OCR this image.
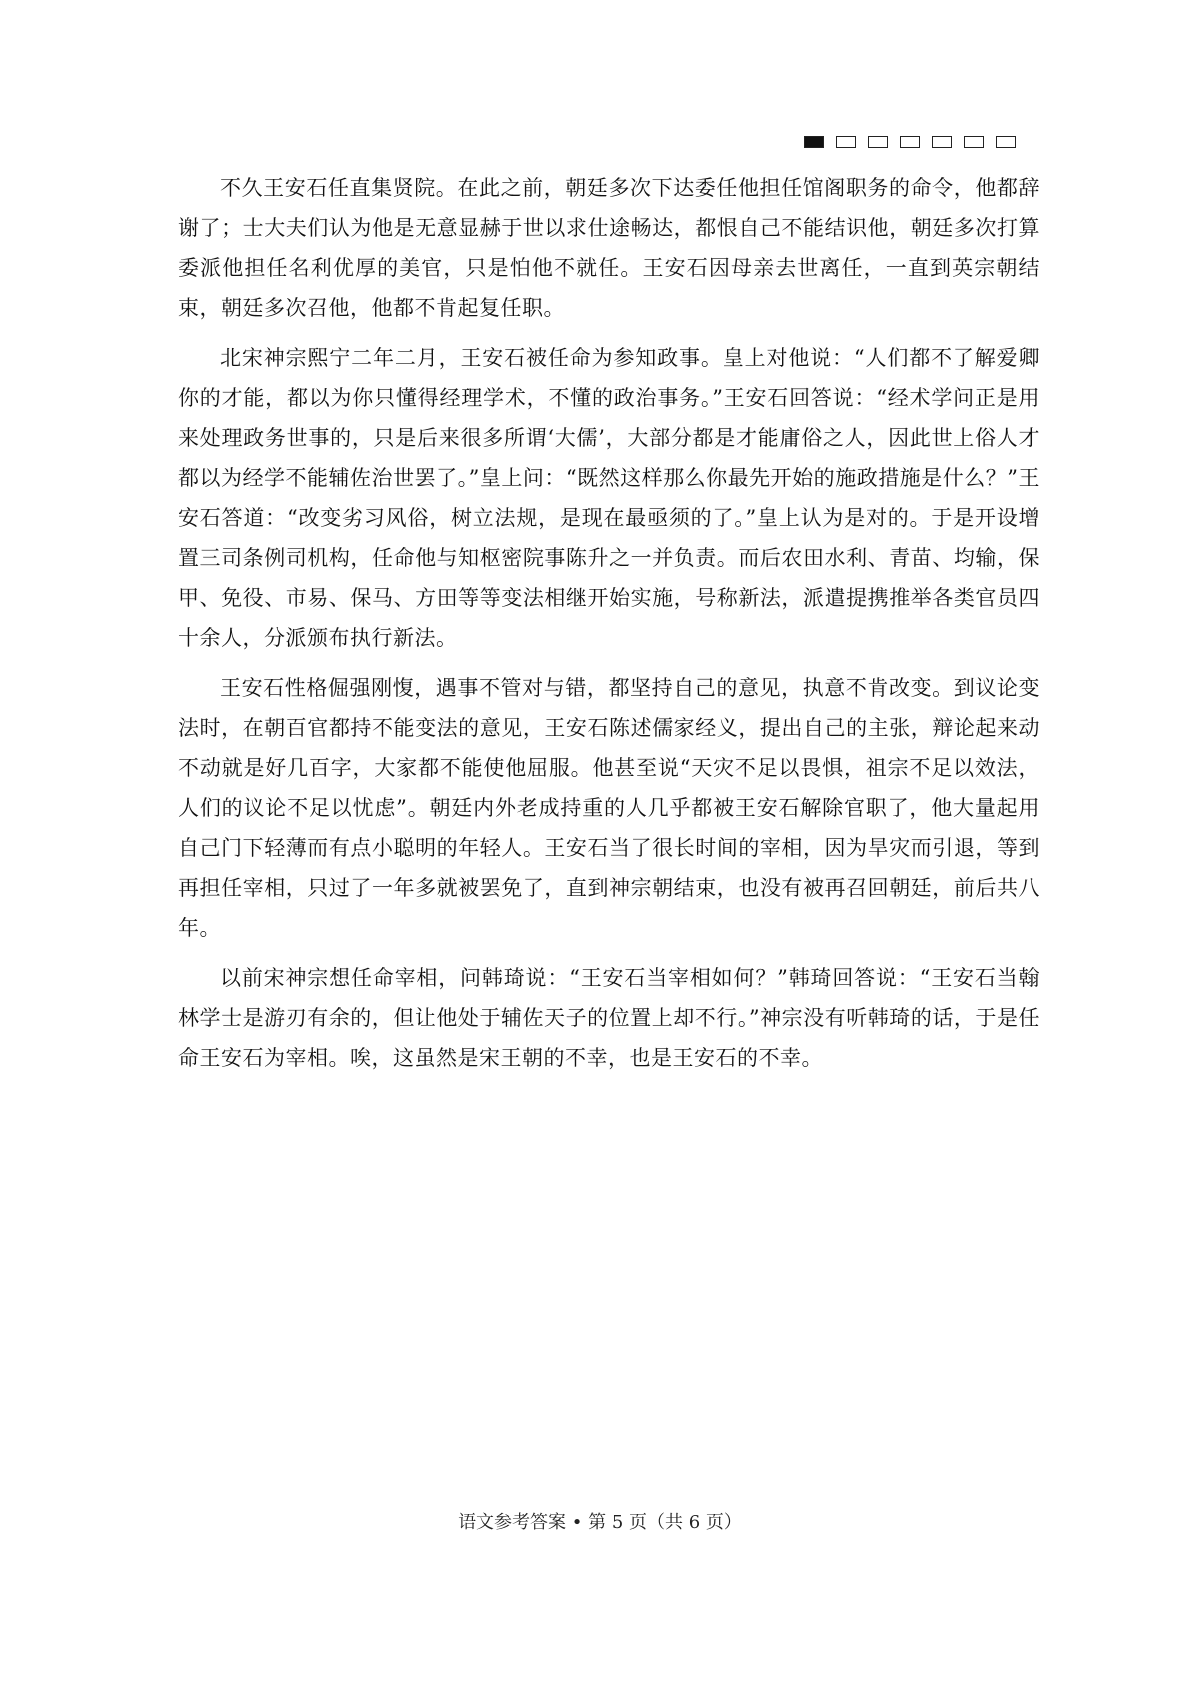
不久王安石任直集贤院。在此之前，朝廷多次下达委任他担任馆阁职务的命令，他都辞谢了；士大夫们认为他是无意显赫于世以求仕途畅达，都恨自己不能结识他，朝廷多次打算委派他担任名利优厚的美官，只是怕他不就任。王安石因母亲去世离任，一直到英宗朝结束，朝廷多次召他，他都不肯起复任职。

北宋神宗熙宁二年二月，王安石被任命为参知政事。皇上对他说：“人们都不了解爱卿你的才能，都以为你只懂得经理学术，不懂的政治事务。”王安石回答说：“经术学问正是用来处理政务世事的，只是后来很多所谓‘大儒’，大部分都是才能庸俗之人，因此世上俗人才都以为经学不能辅佐治世罢了。”皇上问：“既然这样那么你最先开始的施政措施是什么？”王安石答道：“改变劣习风俗，树立法规，是现在最亟须的了。”皇上认为是对的。于是开设增置三司条例司机构，任命他与知枢密院事陈升之一并负责。而后农田水利、青苗、均输，保甲、免役、市易、保马、方田等等变法相继开始实施，号称新法，派遣提携推举各类官员四十余人，分派颁布执行新法。

王安石性格倔强刚愎，遇事不管对与错，都坚持自己的意见，执意不肯改变。到议论变法时，在朝百官都持不能变法的意见，王安石陈述儒家经义，提出自己的主张，辩论起来动不动就是好几百字，大家都不能使他屈服。他甚至说“天灾不足以畏惧，祖宗不足以效法，人们的议论不足以忧虑”。朝廷内外老成持重的人几乎都被王安石解除官职了，他大量起用自己门下轻薄而有点小聪明的年轻人。王安石当了很长时间的宰相，因为旱灾而引退，等到再担任宰相，只过了一年多就被罢免了，直到神宗朝结束，也没有被再召回朝廷，前后共八年。

以前宋神宗想任命宰相，问韩琦说：“王安石当宰相如何？”韩琦回答说：“王安石当翰林学士是游刃有余的，但让他处于辅佐天子的位置上却不行。”神宗没有听韩琦的话，于是任命王安石为宰相。唉，这虽然是宋王朝的不幸，也是王安石的不幸。

语文参考答案 • 第 5 页（共 6 页）
